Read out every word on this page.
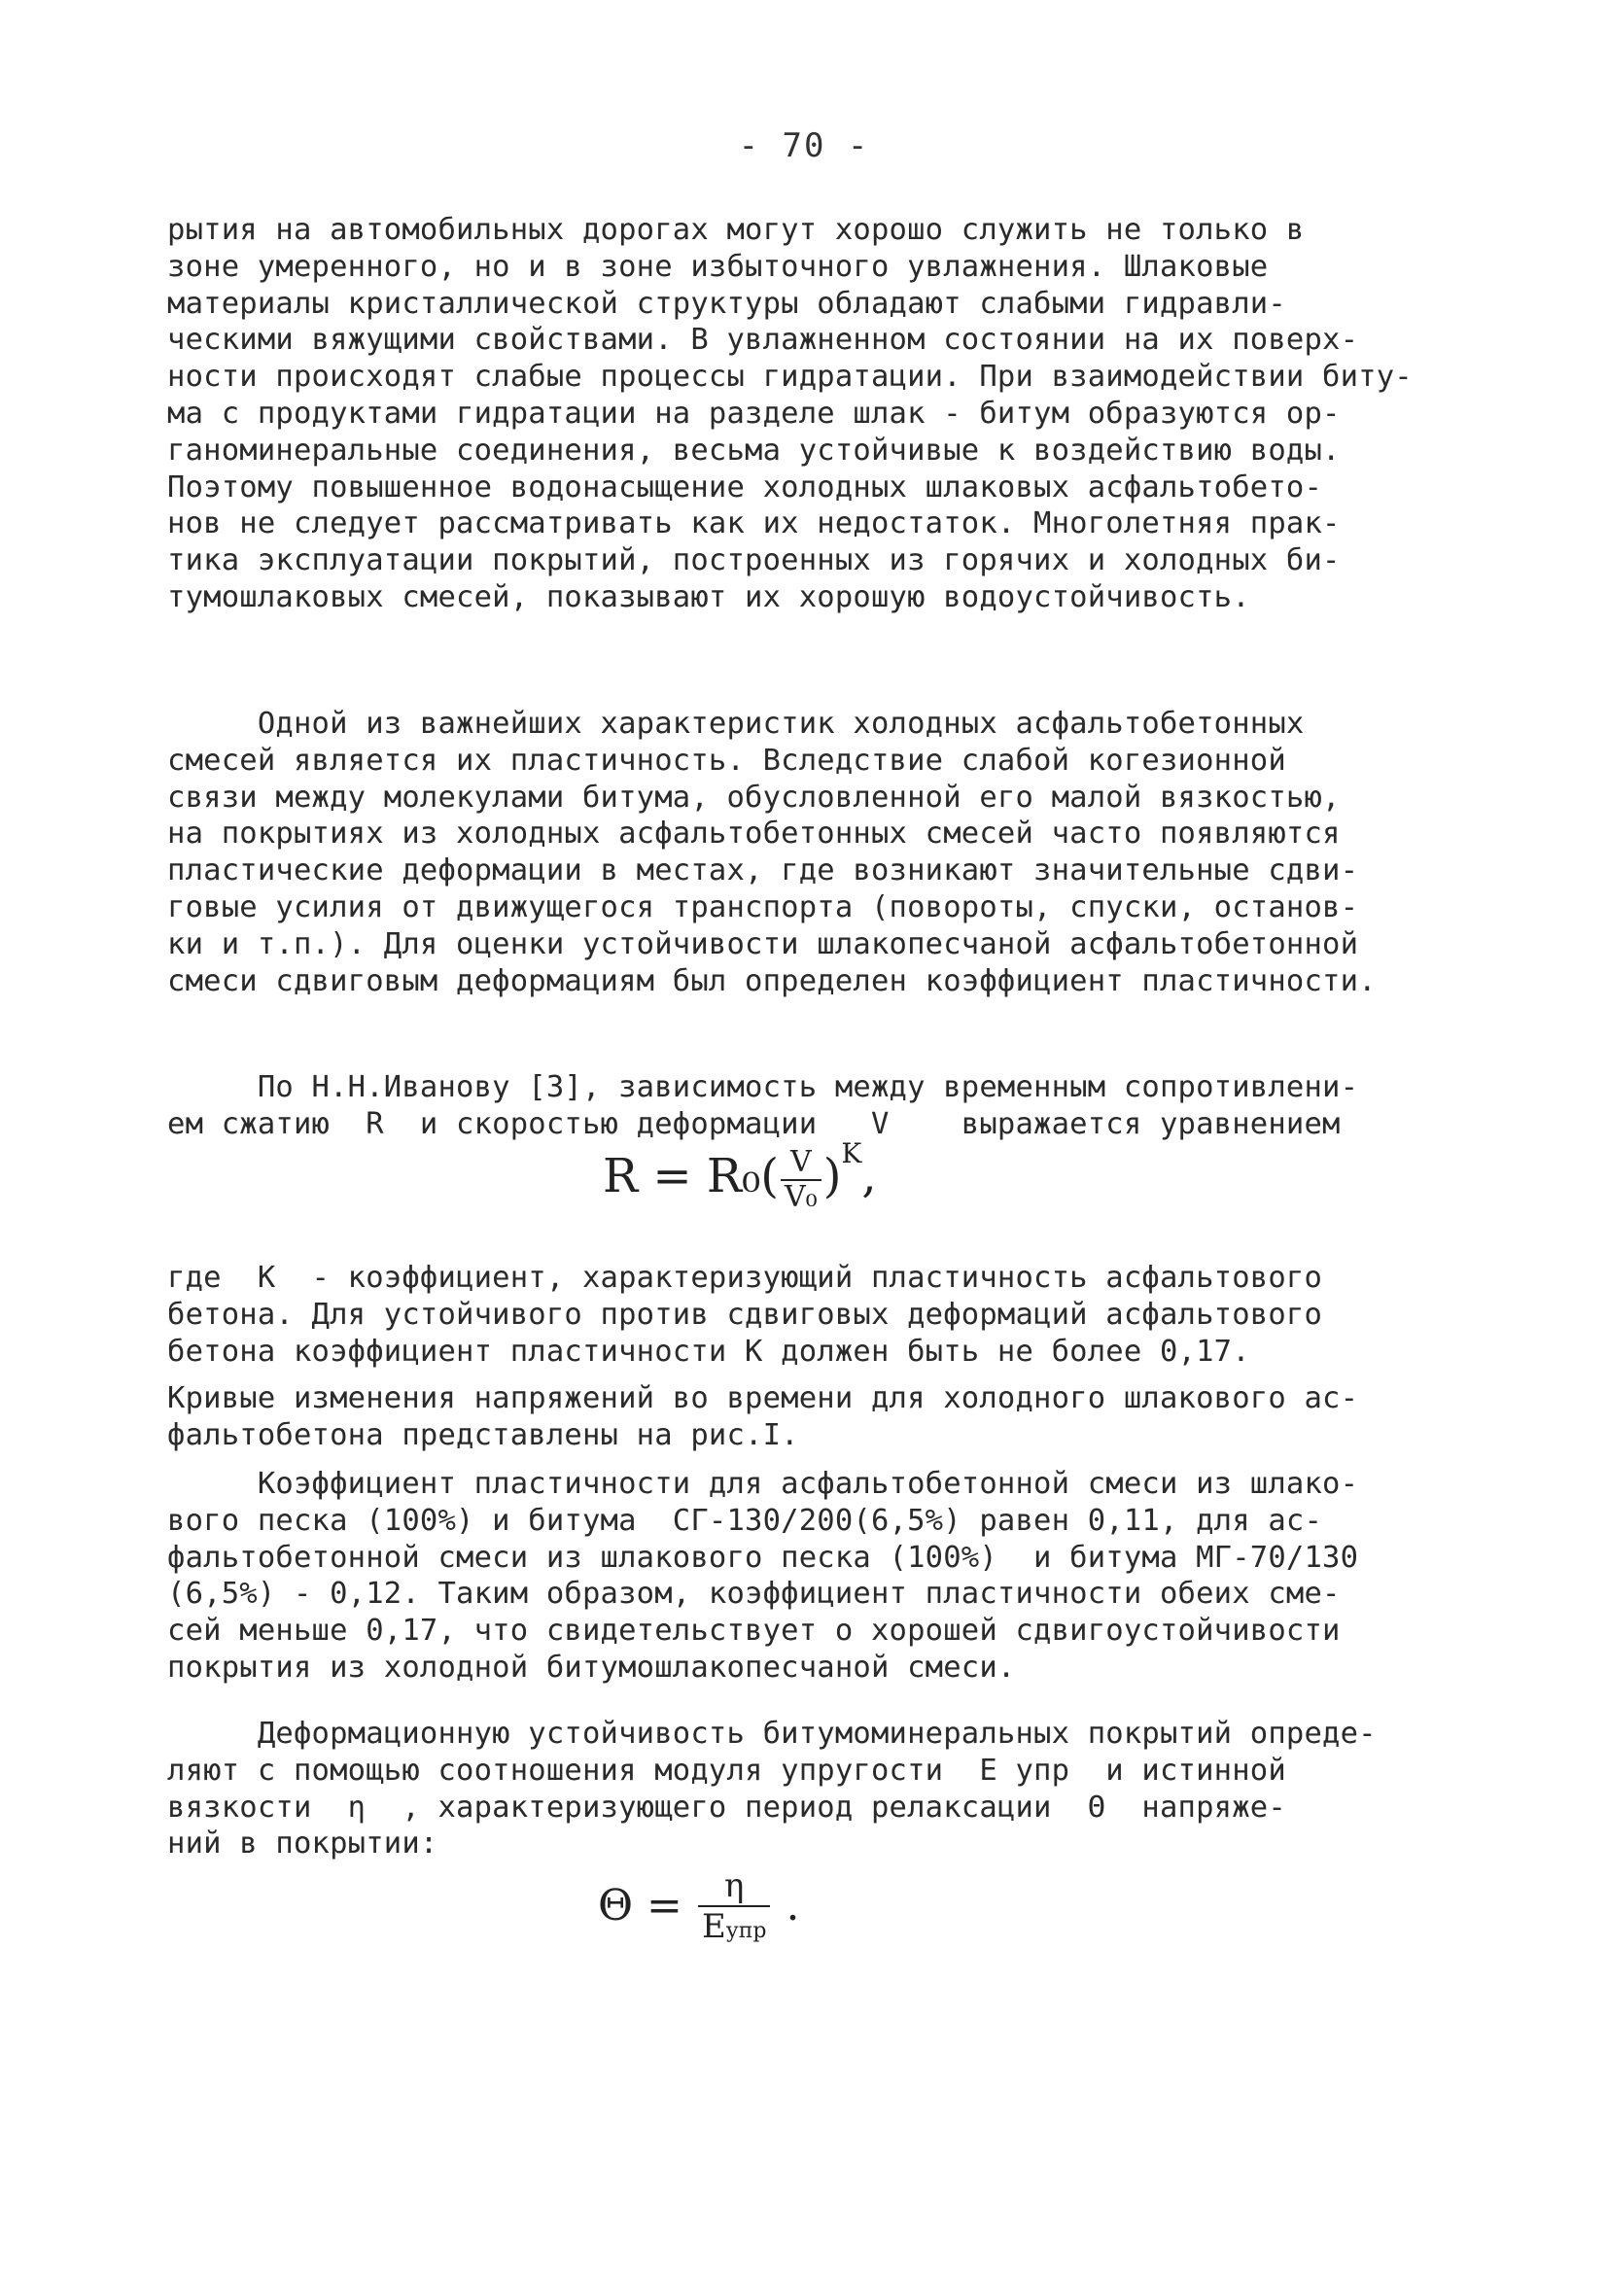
- 70 -
рытия на автомобильных дорогах могут хорошо служить не только в
зоне умеренного, но и в зоне избыточного увлажнения. Шлаковые
материалы кристаллической структуры обладают слабыми гидравли-
ческими вяжущими свойствами. В увлажненном состоянии на их поверх-
ности происходят слабые процессы гидратации. При взаимодействии биту-
ма с продуктами гидратации на разделе шлак - битум образуются ор-
ганоминеральные соединения, весьма устойчивые к воздействию воды.
Поэтому повышенное водонасыщение холодных шлаковых асфальтобето-
нов не следует рассматривать как их недостаток. Многолетняя прак-
тика эксплуатации покрытий, построенных из горячих и холодных би-
тумошлаковых смесей, показывают их хорошую водоустойчивость.
Одной из важнейших характеристик холодных асфальтобетонных
смесей является их пластичность. Вследствие слабой когезионной
связи между молекулами битума, обусловленной его малой вязкостью,
на покрытиях из холодных асфальтобетонных смесей часто появляются
пластические деформации в местах, где возникают значительные сдви-
говые усилия от движущегося транспорта (повороты, спуски, останов-
ки и т.п.). Для оценки устойчивости шлакопесчаной асфальтобетонной
смеси сдвиговым деформациям был определен коэффициент пластичности.
По Н.Н.Иванову [3], зависимость между временным сопротивлени-
ем сжатию  R  и скоростью деформации   V    выражается уравнением
$R = R_0( \frac{V}{\text{V₀}} )^K$,
где  K  - коэффициент, характеризующий пластичность асфальтового
бетона. Для устойчивого против сдвиговых деформаций асфальтового
бетона коэффициент пластичности K должен быть не более 0,17.
Кривые изменения напряжений во времени для холодного шлакового ас-
фальтобетона представлены на рис.I.
Коэффициент пластичности для асфальтобетонной смеси из шлако-
вого песка (100%) и битума  СГ-130/200(6,5%) равен 0,11, для ас-
фальтобетонной смеси из шлакового песка (100%)  и битума МГ-70/130
(6,5%) - 0,12. Таким образом, коэффициент пластичности обеих сме-
сей меньше 0,17, что свидетельствует о хорошей сдвигоустойчивости
покрытия из холодной битумошлакопесчаной смеси.
Деформационную устойчивость битумоминеральных покрытий опреде-
ляют с помощью соотношения модуля упругости  E упр  и истинной
вязкости  η  , характеризующего период релаксации  Θ  напряже-
ний в покрытии:
$\Theta = \frac{\eta}{\text{Eупр}}$ .
